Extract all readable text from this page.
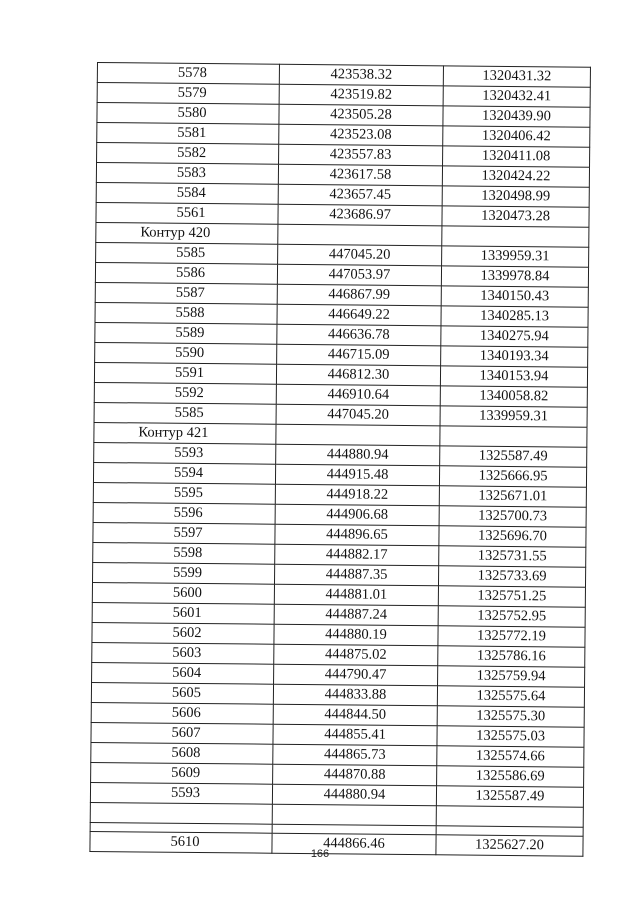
5578	423538.32	1320431.32
5579	423519.82	1320432.41
5580	423505.28	1320439.90
5581	423523.08	1320406.42
5582	423557.83	1320411.08
5583	423617.58	1320424.22
5584	423657.45	1320498.99
5561	423686.97	1320473.28
Контур 420		
5585	447045.20	1339959.31
5586	447053.97	1339978.84
5587	446867.99	1340150.43
5588	446649.22	1340285.13
5589	446636.78	1340275.94
5590	446715.09	1340193.34
5591	446812.30	1340153.94
5592	446910.64	1340058.82
5585	447045.20	1339959.31
Контур 421		
5593	444880.94	1325587.49
5594	444915.48	1325666.95
5595	444918.22	1325671.01
5596	444906.68	1325700.73
5597	444896.65	1325696.70
5598	444882.17	1325731.55
5599	444887.35	1325733.69
5600	444881.01	1325751.25
5601	444887.24	1325752.95
5602	444880.19	1325772.19
5603	444875.02	1325786.16
5604	444790.47	1325759.94
5605	444833.88	1325575.64
5606	444844.50	1325575.30
5607	444855.41	1325575.03
5608	444865.73	1325574.66
5609	444870.88	1325586.69
5593	444880.94	1325587.49

5610	444866.46	1325627.20
166
